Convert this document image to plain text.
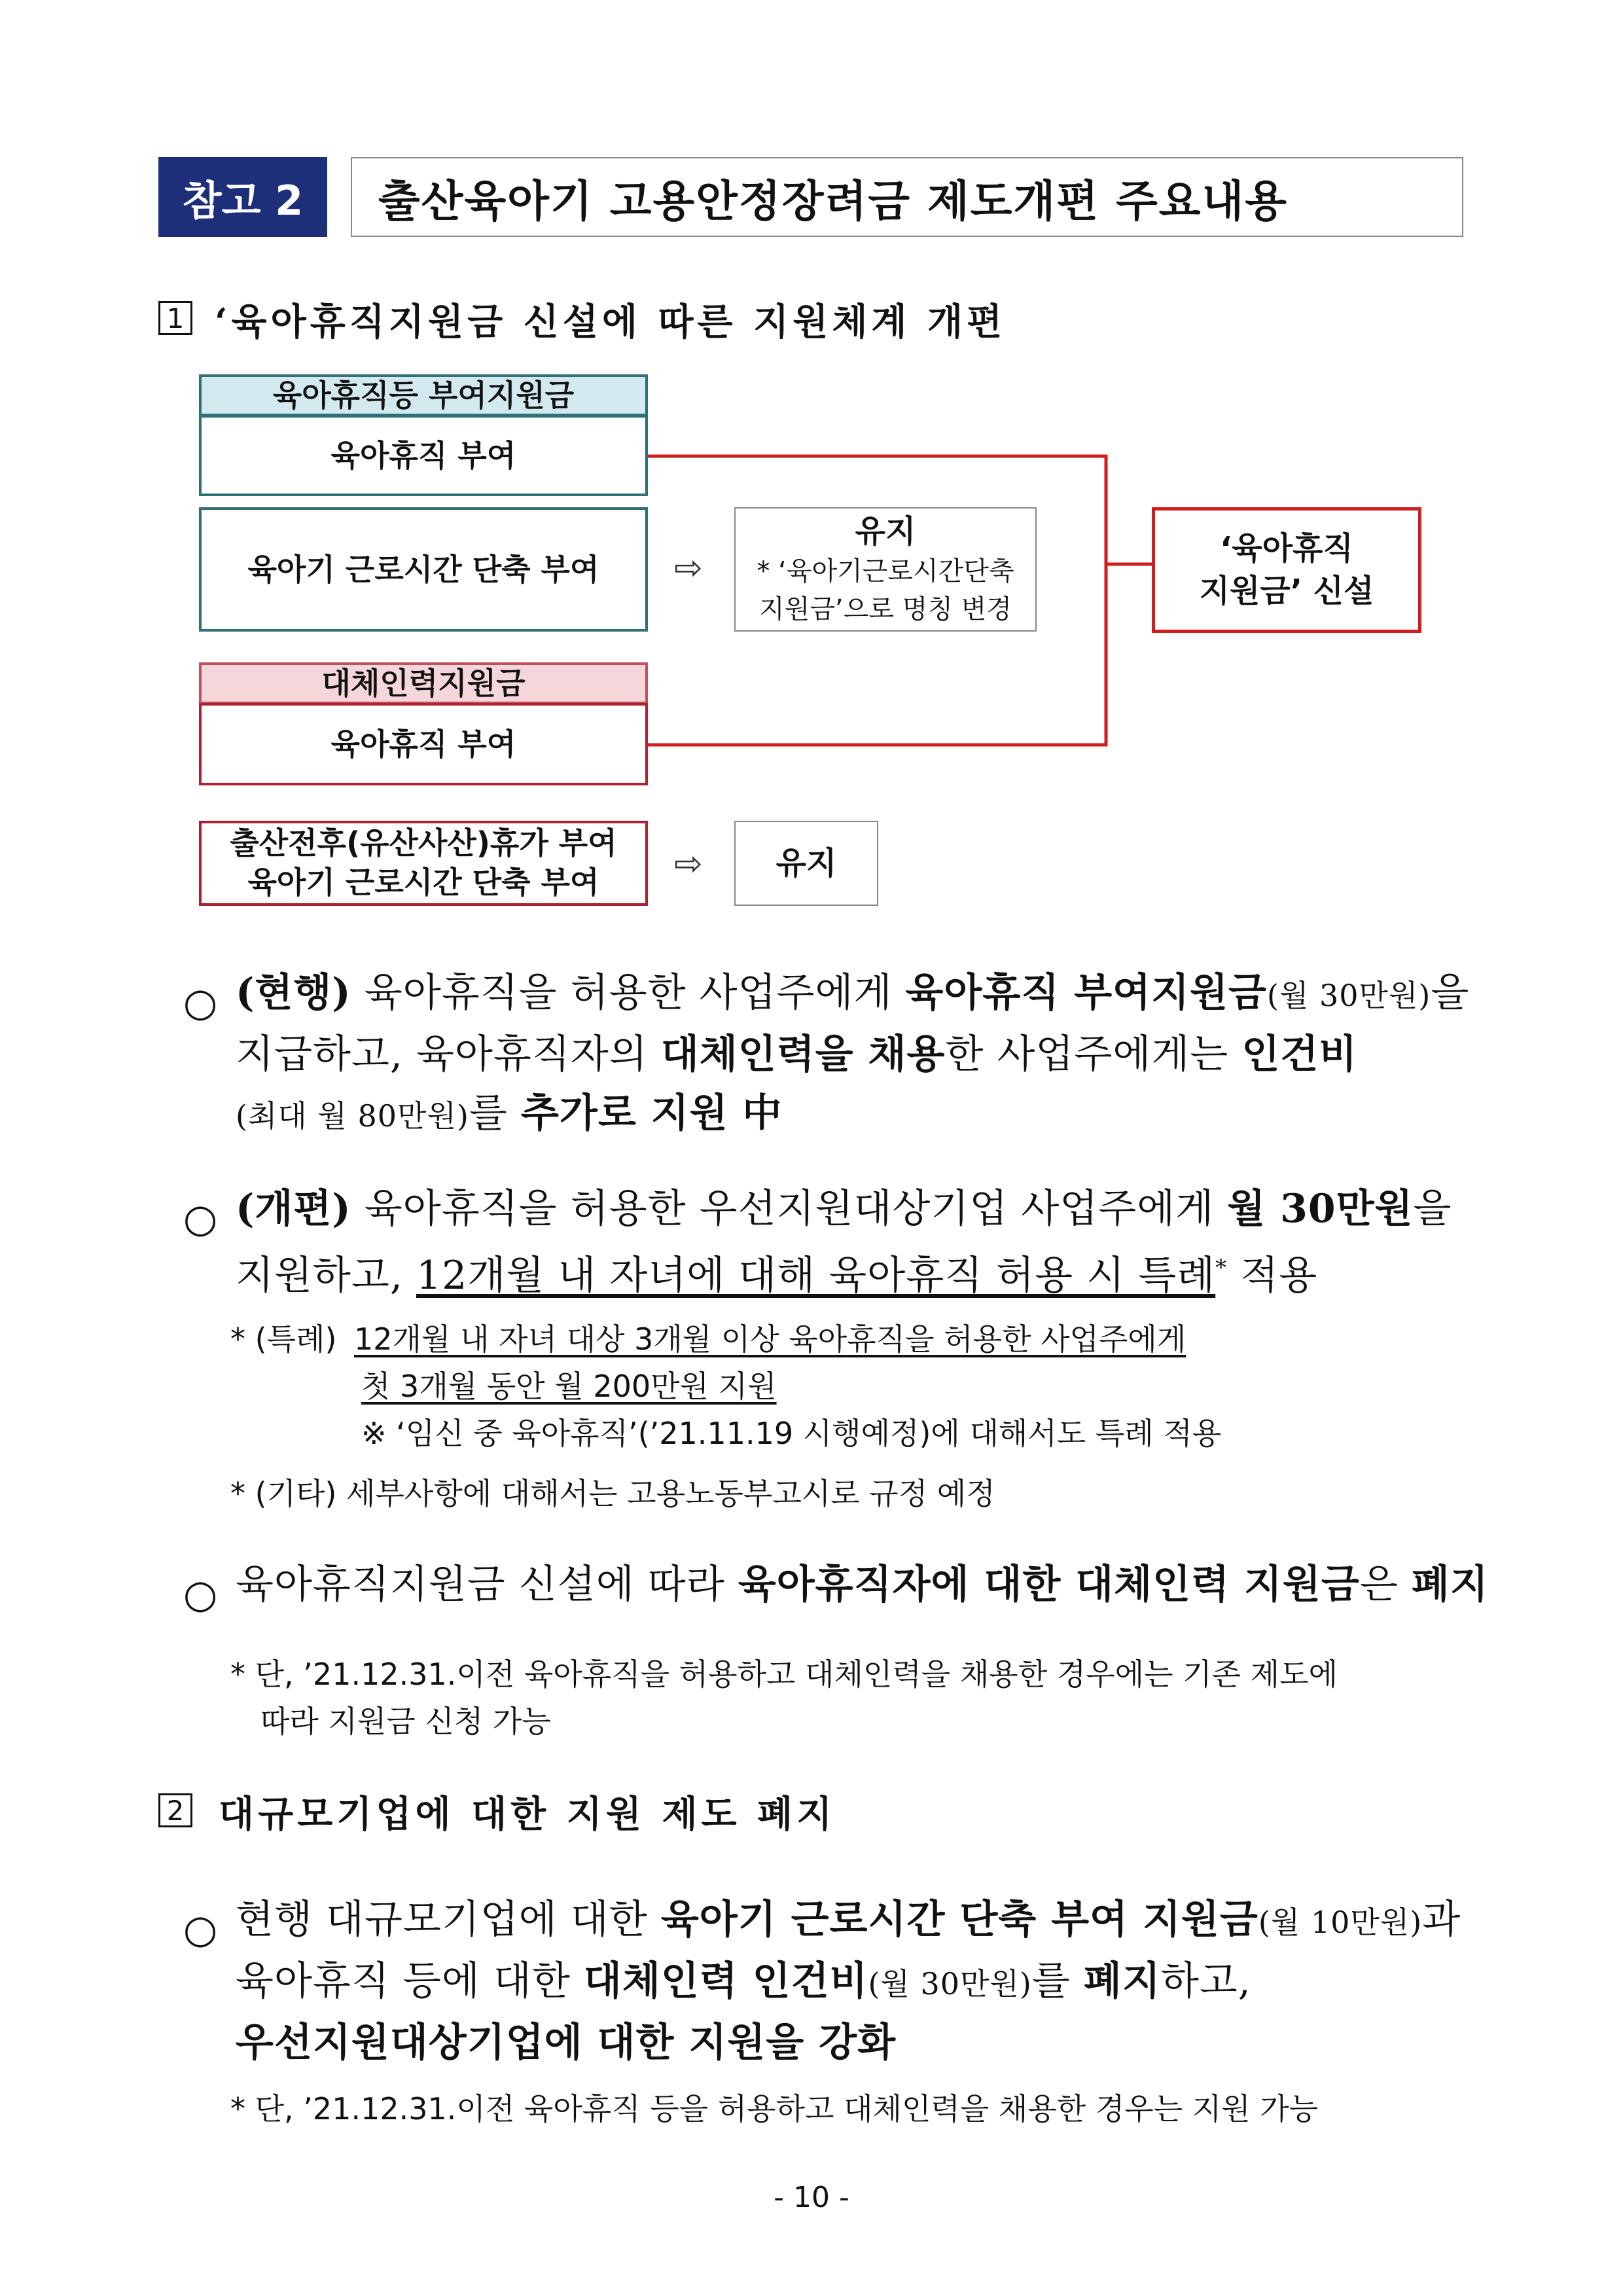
참고 2	출산육아기 고용안정장려금 제도개편 주요내용
1 ‘육아휴직지원금 신설에 따른 지원체계 개편
육아휴직등 부여지원금
육아휴직 부여
육아기 근로시간 단축 부여	⇨
유지
* ‘육아기근로시간단축
지원금’으로 명칭 변경
‘육아휴직
지원금’ 신설
대체인력지원금
육아휴직 부여
출산전후(유산사산)휴가 부여
육아기 근로시간 단축 부여 ⇨	유지
○ (현행) 육아휴직을 허용한 사업주에게 육아휴직 부여지원금(월 30만원)을
지급하고, 육아휴직자의 대체인력을 채용한 사업주에게는 인건비
(최대 월 80만원)를 추가로 지원 中
○ (개편) 육아휴직을 허용한 우선지원대상기업 사업주에게 월 30만원을
지원하고, 12개월 내 자녀에 대해 육아휴직 허용 시 특례* 적용
* (특례) 12개월 내 자녀 대상 3개월 이상 육아휴직을 허용한 사업주에게
첫 3개월 동안 월 200만원 지원
※ ‘임신 중 육아휴직’(’21.11.19 시행예정)에 대해서도 특례 적용
* (기타) 세부사항에 대해서는 고용노동부고시로 규정 예정
○ 육아휴직지원금 신설에 따라 육아휴직자에 대한 대체인력 지원금은 폐지
* 단, ’21.12.31.이전 육아휴직을 허용하고 대체인력을 채용한 경우에는 기존 제도에
따라 지원금 신청 가능
2 대규모기업에 대한 지원 제도 폐지
○ 현행 대규모기업에 대한 육아기 근로시간 단축 부여 지원금(월 10만원)과
육아휴직 등에 대한 대체인력 인건비(월 30만원)를 폐지하고,
우선지원대상기업에 대한 지원을 강화
* 단, ’21.12.31.이전 육아휴직 등을 허용하고 대체인력을 채용한 경우는 지원 가능
- 10 -
